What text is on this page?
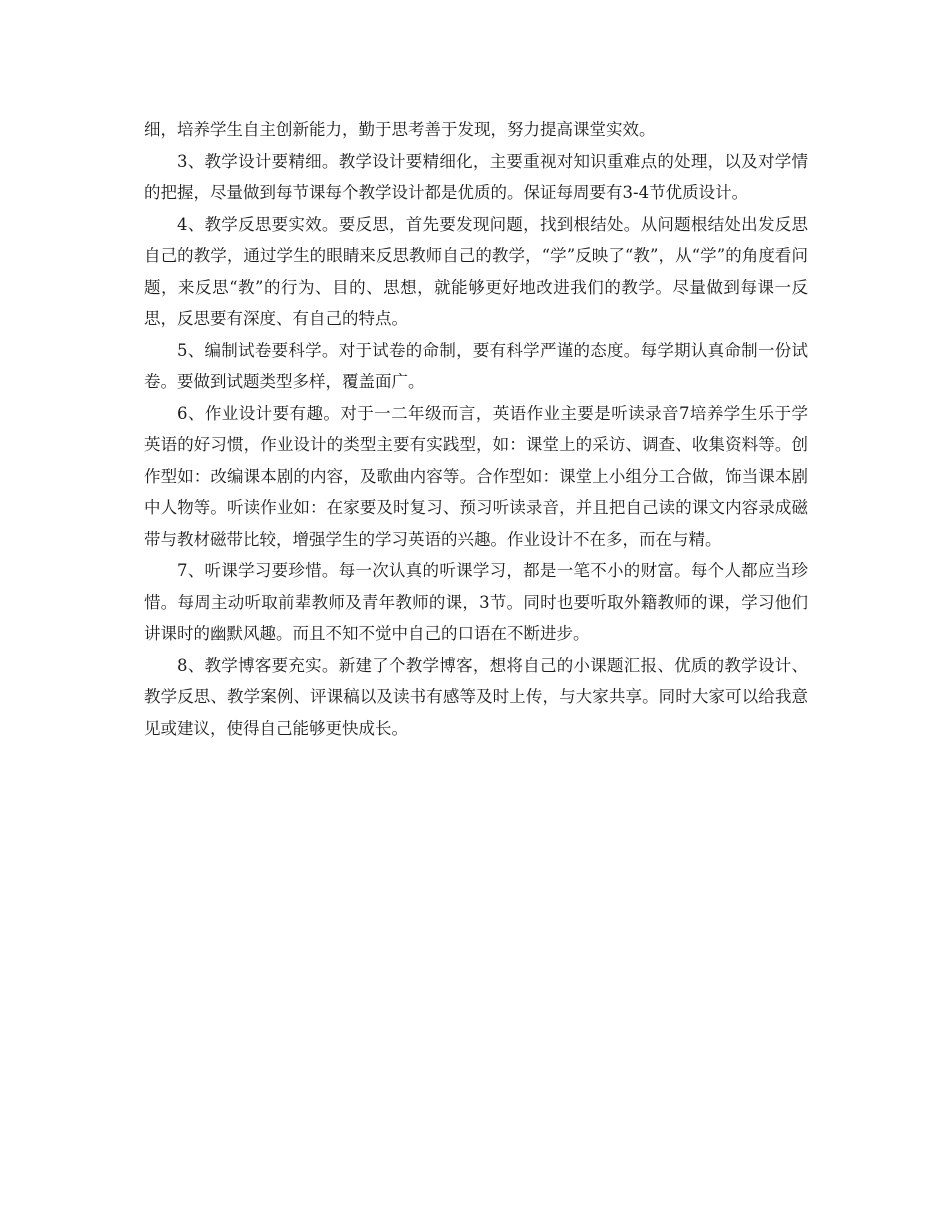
细，培养学生自主创新能力，勤于思考善于发现，努力提高课堂实效。

3、教学设计要精细。教学设计要精细化，主要重视对知识重难点的处理，以及对学情的把握，尽量做到每节课每个教学设计都是优质的。保证每周要有3-4节优质设计。

4、教学反思要实效。要反思，首先要发现问题，找到根结处。从问题根结处出发反思自己的教学，通过学生的眼睛来反思教师自己的教学，“学”反映了“教”，从“学”的角度看问题，来反思“教”的行为、目的、思想，就能够更好地改进我们的教学。尽量做到每课一反思，反思要有深度、有自己的特点。

5、编制试卷要科学。对于试卷的命制，要有科学严谨的态度。每学期认真命制一份试卷。要做到试题类型多样，覆盖面广。

6、作业设计要有趣。对于一二年级而言，英语作业主要是听读录音7培养学生乐于学英语的好习惯，作业设计的类型主要有实践型，如：课堂上的采访、调查、收集资料等。创作型如：改编课本剧的内容，及歌曲内容等。合作型如：课堂上小组分工合做，饰当课本剧中人物等。听读作业如：在家要及时复习、预习听读录音，并且把自己读的课文内容录成磁带与教材磁带比较，增强学生的学习英语的兴趣。作业设计不在多，而在与精。

7、听课学习要珍惜。每一次认真的听课学习，都是一笔不小的财富。每个人都应当珍惜。每周主动听取前辈教师及青年教师的课，3节。同时也要听取外籍教师的课，学习他们讲课时的幽默风趣。而且不知不觉中自己的口语在不断进步。

8、教学博客要充实。新建了个教学博客，想将自己的小课题汇报、优质的教学设计、教学反思、教学案例、评课稿以及读书有感等及时上传，与大家共享。同时大家可以给我意见或建议，使得自己能够更快成长。
